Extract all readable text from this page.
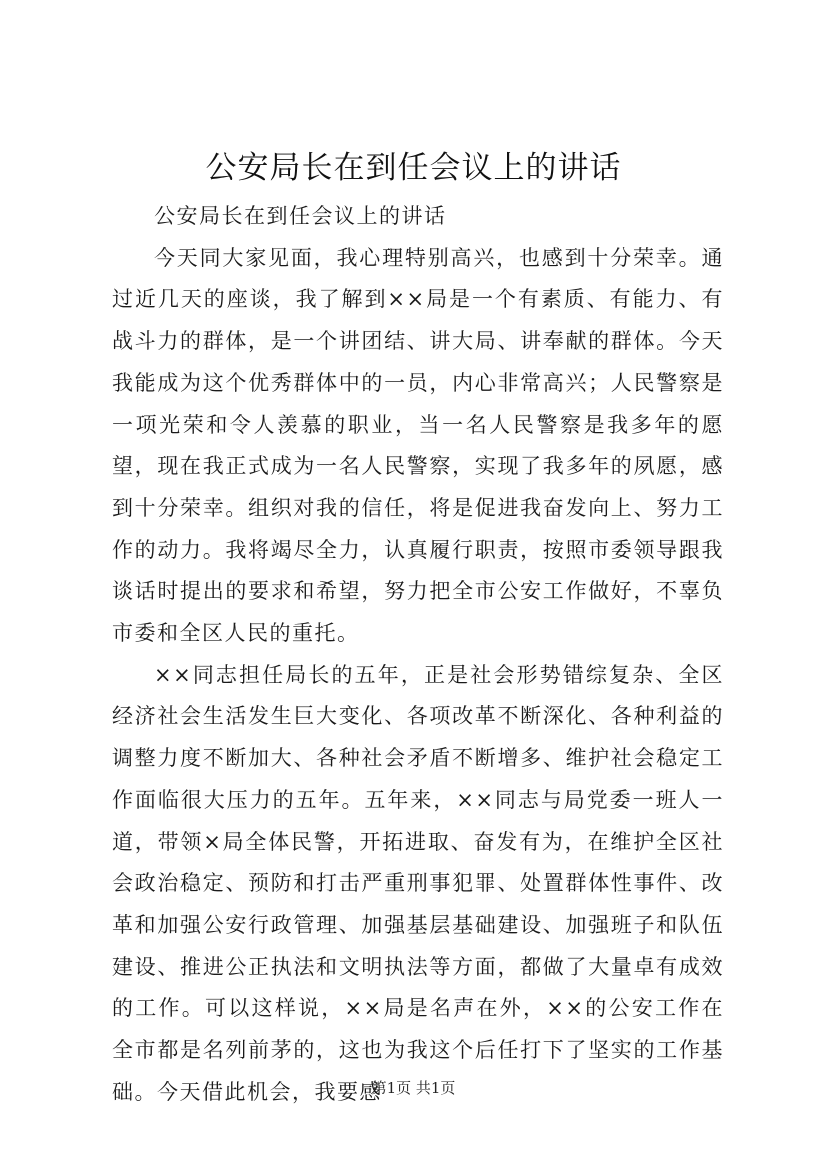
公安局长在到任会议上的讲话

公安局长在到任会议上的讲话

今天同大家见面，我心理特别高兴，也感到十分荣幸。通过近几天的座谈，我了解到××局是一个有素质、有能力、有战斗力的群体，是一个讲团结、讲大局、讲奉献的群体。今天我能成为这个优秀群体中的一员，内心非常高兴；人民警察是一项光荣和令人羡慕的职业，当一名人民警察是我多年的愿望，现在我正式成为一名人民警察，实现了我多年的夙愿，感到十分荣幸。组织对我的信任，将是促进我奋发向上、努力工作的动力。我将竭尽全力，认真履行职责，按照市委领导跟我谈话时提出的要求和希望，努力把全市公安工作做好，不辜负市委和全区人民的重托。

××同志担任局长的五年，正是社会形势错综复杂、全区经济社会生活发生巨大变化、各项改革不断深化、各种利益的调整力度不断加大、各种社会矛盾不断增多、维护社会稳定工作面临很大压力的五年。五年来，××同志与局党委一班人一道，带领×局全体民警，开拓进取、奋发有为，在维护全区社会政治稳定、预防和打击严重刑事犯罪、处置群体性事件、改革和加强公安行政管理、加强基层基础建设、加强班子和队伍建设、推进公正执法和文明执法等方面，都做了大量卓有成效的工作。可以这样说，××局是名声在外，××的公安工作在全市都是名列前茅的，这也为我这个后任打下了坚实的工作基础。今天借此机会，我要感

第1页 共1页
